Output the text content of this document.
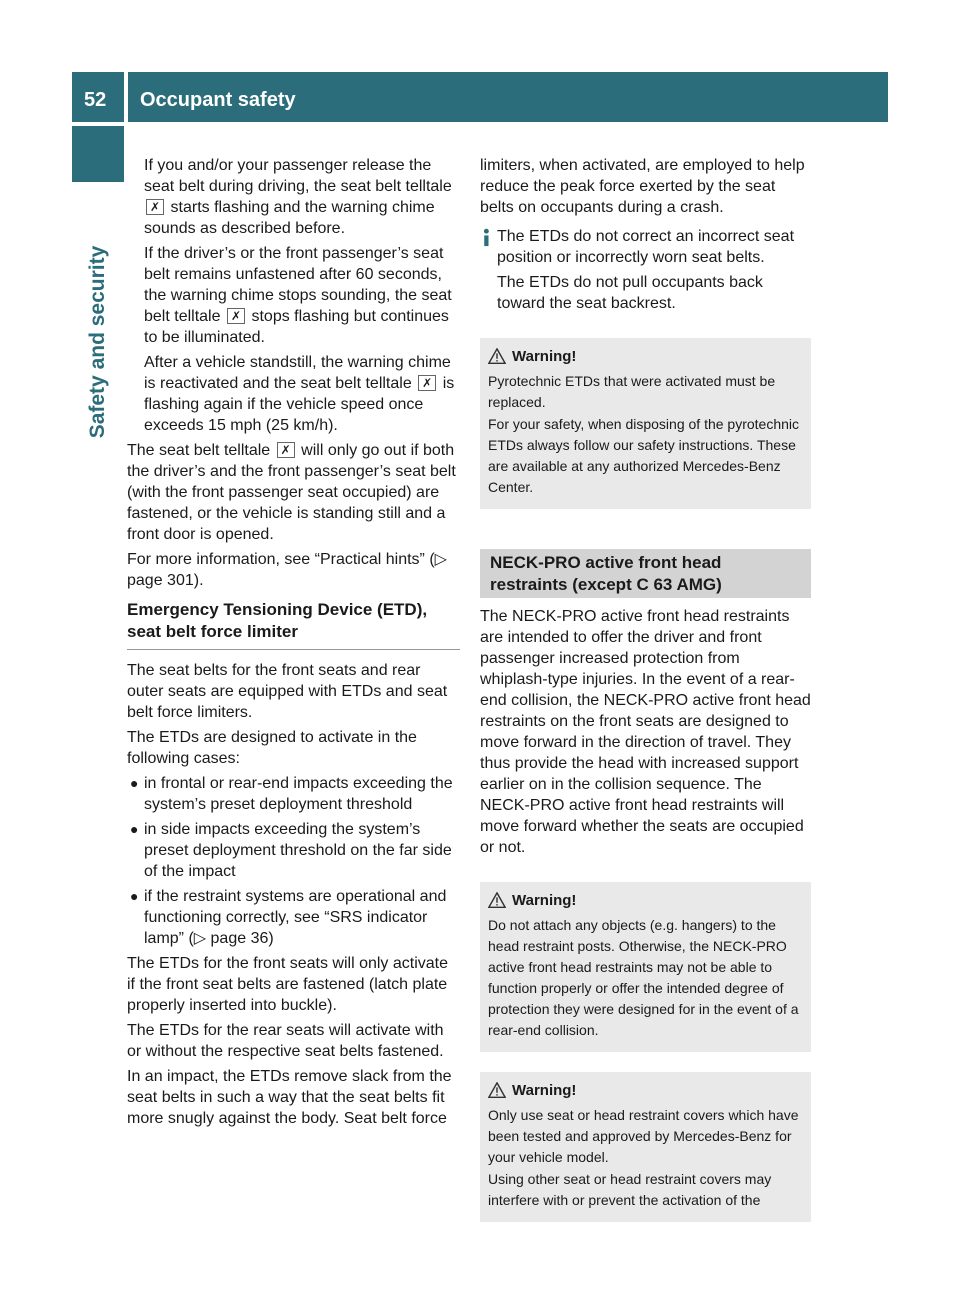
52	Occupant safety
Safety and security

If you and/or your passenger release the seat belt during driving, the seat belt telltale ✗ starts flashing and the warning chime sounds as described before.

If the driver’s or the front passenger’s seat belt remains unfastened after 60 seconds, the warning chime stops sounding, the seat belt telltale ✗ stops flashing but continues to be illuminated.

After a vehicle standstill, the warning chime is reactivated and the seat belt telltale ✗ is flashing again if the vehicle speed once exceeds 15 mph (25 km/h).

The seat belt telltale ✗ will only go out if both the driver’s and the front passenger’s seat belt (with the front passenger seat occupied) are fastened, or the vehicle is standing still and a front door is opened.

For more information, see “Practical hints” (▷ page 301).

Emergency Tensioning Device (ETD), seat belt force limiter

The seat belts for the front seats and rear outer seats are equipped with ETDs and seat belt force limiters.

The ETDs are designed to activate in the following cases:

● in frontal or rear-end impacts exceeding the system’s preset deployment threshold

● in side impacts exceeding the system’s preset deployment threshold on the far side of the impact

● if the restraint systems are operational and functioning correctly, see “SRS indicator lamp” (▷ page 36)

The ETDs for the front seats will only activate if the front seat belts are fastened (latch plate properly inserted into buckle).

The ETDs for the rear seats will activate with or without the respective seat belts fastened.

In an impact, the ETDs remove slack from the seat belts in such a way that the seat belts fit more snugly against the body. Seat belt force

limiters, when activated, are employed to help reduce the peak force exerted by the seat belts on occupants during a crash.

The ETDs do not correct an incorrect seat position or incorrectly worn seat belts.

The ETDs do not pull occupants back toward the seat backrest.

Warning!

Pyrotechnic ETDs that were activated must be replaced.

For your safety, when disposing of the pyrotechnic ETDs always follow our safety instructions. These are available at any authorized Mercedes-Benz Center.

NECK-PRO active front head restraints (except C 63 AMG)

The NECK-PRO active front head restraints are intended to offer the driver and front passenger increased protection from whiplash-type injuries. In the event of a rear-end collision, the NECK-PRO active front head restraints on the front seats are designed to move forward in the direction of travel. They thus provide the head with increased support earlier on in the collision sequence. The NECK-PRO active front head restraints will move forward whether the seats are occupied or not.

Warning!

Do not attach any objects (e.g. hangers) to the head restraint posts. Otherwise, the NECK-PRO active front head restraints may not be able to function properly or offer the intended degree of protection they were designed for in the event of a rear-end collision.

Warning!

Only use seat or head restraint covers which have been tested and approved by Mercedes-Benz for your vehicle model.

Using other seat or head restraint covers may interfere with or prevent the activation of the
